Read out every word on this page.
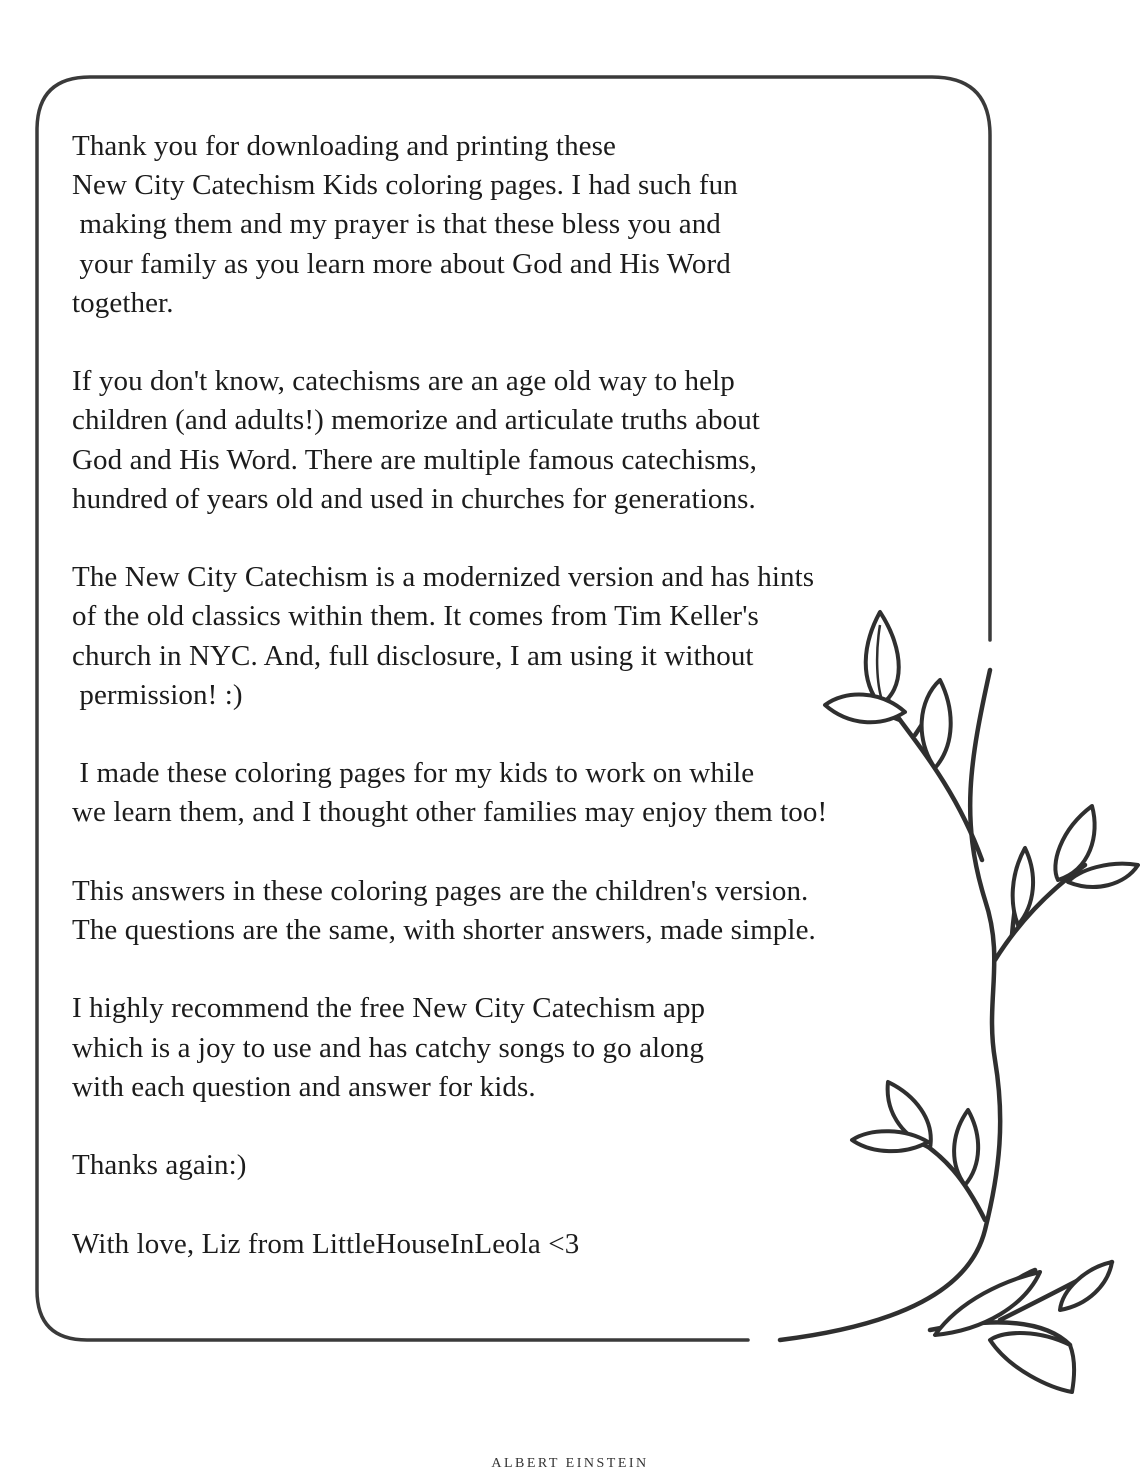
Thank you for downloading and printing these
New City Catechism Kids coloring pages. I had such fun
making them and my prayer is that these bless you and
your family as you learn more about God and His Word
together.

If you don't know, catechisms are an age old way to help
children (and adults!) memorize and articulate truths about
God and His Word. There are multiple famous catechisms,
hundred of years old and used in churches for generations.

The New City Catechism is a modernized version and has hints
of the old classics within them. It comes from Tim Keller's
church in NYC. And, full disclosure, I am using it without
permission! :)

I made these coloring pages for my kids to work on while
we learn them, and I thought other families may enjoy them too!

This answers in these coloring pages are the children's version.
The questions are the same, with shorter answers, made simple.

I highly recommend the free New City Catechism app
which is a joy to use and has catchy songs to go along
with each question and answer for kids.

Thanks again:)

With love, Liz from LittleHouseInLeola <3

ALBERT EINSTEIN
